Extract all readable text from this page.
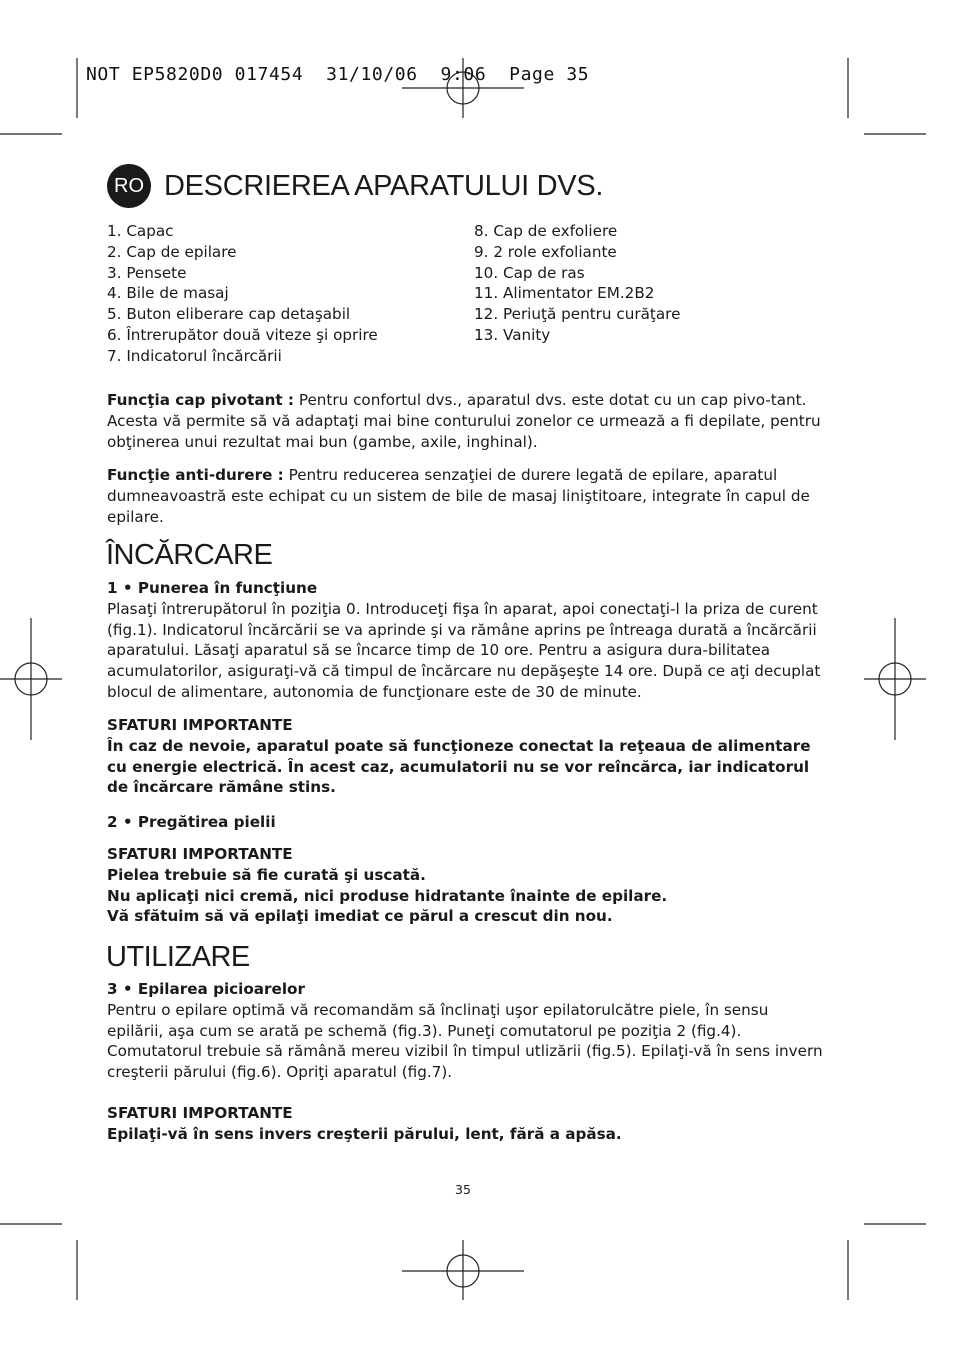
NOT EP5820D0 017454  31/10/06  9:06  Page 35
RO DESCRIEREA APARATULUI DVS.
1. Capac
2. Cap de epilare
3. Pensete
4. Bile de masaj
5. Buton eliberare cap detaşabil
6. Întrerupător două viteze şi oprire
7. Indicatorul încărcării
8. Cap de exfoliere
9. 2 role exfoliante
10. Cap de ras
11. Alimentator EM.2B2
12. Periuţă pentru curăţare
13. Vanity

Funcţia cap pivotant : Pentru confortul dvs., aparatul dvs. este dotat cu un cap pivo-tant. Acesta vă permite să vă adaptaţi mai bine conturului zonelor ce urmează a fi depilate, pentru obţinerea unui rezultat mai bun (gambe, axile, inghinal).

Funcţie anti-durere : Pentru reducerea senzaţiei de durere legată de epilare, aparatul dumneavoastră este echipat cu un sistem de bile de masaj liniştitoare, integrate în capul de epilare.

ÎNCĂRCARE

1 • Punerea în funcţiune

Plasaţi întrerupătorul în poziţia 0. Introduceţi fişa în aparat, apoi conectaţi-l la priza de curent (fig.1). Indicatorul încărcării se va aprinde şi va rămâne aprins pe întreaga durată a încărcării aparatului. Lăsaţi aparatul să se încarce timp de 10 ore. Pentru a asigura dura-bilitatea acumulatorilor, asiguraţi-vă că timpul de încărcare nu depăşeşte 14 ore. După ce aţi decuplat blocul de alimentare, autonomia de funcţionare este de 30 de minute.

SFATURI IMPORTANTE

În caz de nevoie, aparatul poate să funcţioneze conectat la reţeaua de alimentare cu energie electrică. În acest caz, acumulatorii nu se vor reîncărca, iar indicatorul de încărcare rămâne stins.

2 • Pregătirea pielii

SFATURI IMPORTANTE

Pielea trebuie să fie curată şi uscată.

Nu aplicaţi nici cremă, nici produse hidratante înainte de epilare.

Vă sfătuim să vă epilaţi imediat ce părul a crescut din nou.

UTILIZARE

3 • Epilarea picioarelor

Pentru o epilare optimă vă recomandăm să înclinaţi uşor epilatorulcătre piele, în sensu epilării, aşa cum se arată pe schemă (fig.3). Puneţi comutatorul pe poziţia 2 (fig.4). Comutatorul trebuie să rămână mereu vizibil în timpul utlizării (fig.5). Epilaţi-vă în sens invern creşterii părului (fig.6). Opriţi aparatul (fig.7).

SFATURI IMPORTANTE

Epilaţi-vă în sens invers creşterii părului, lent, fără a apăsa.

35
